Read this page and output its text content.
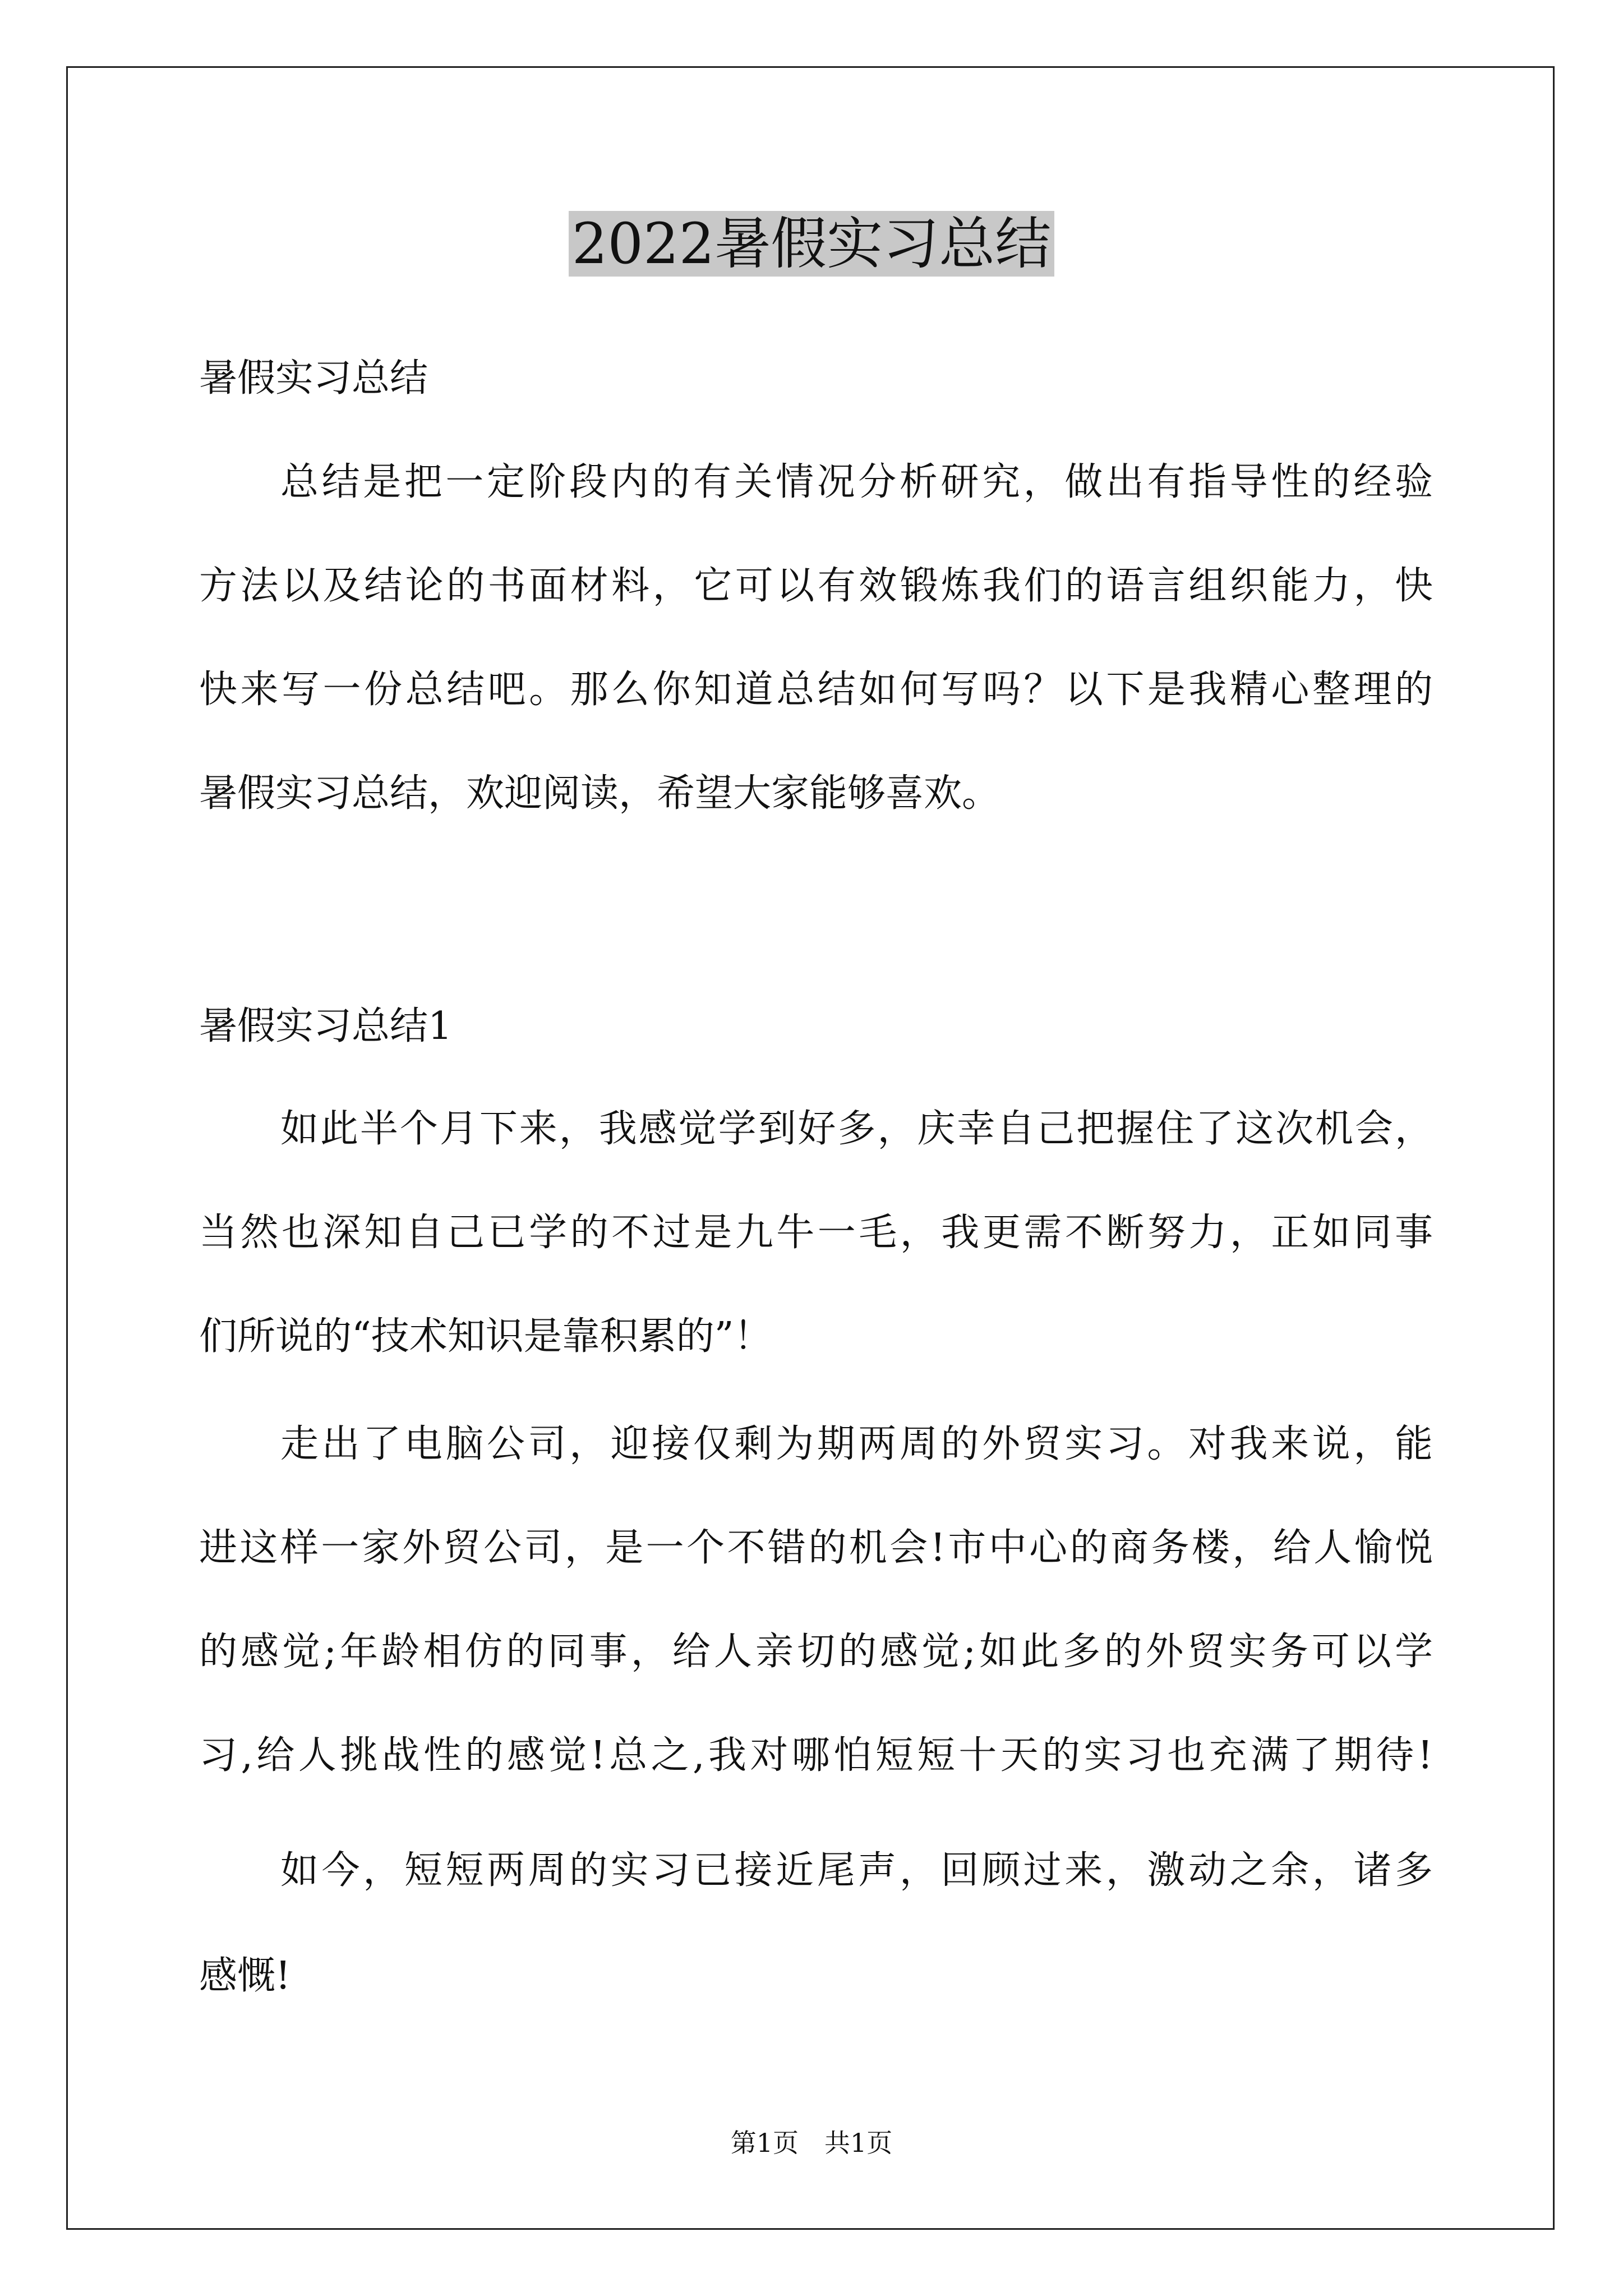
2022暑假实习总结
暑假实习总结
总结是把一定阶段内的有关情况分析研究，做出有指导性的经验
方法以及结论的书面材料，它可以有效锻炼我们的语言组织能力，快
快来写一份总结吧。那么你知道总结如何写吗？以下是我精心整理的
暑假实习总结，欢迎阅读，希望大家能够喜欢。
暑假实习总结1
如此半个月下来，我感觉学到好多，庆幸自己把握住了这次机会，
当然也深知自己已学的不过是九牛一毛，我更需不断努力，正如同事
们所说的“技术知识是靠积累的”！
走出了电脑公司，迎接仅剩为期两周的外贸实习。对我来说，能
进这样一家外贸公司，是一个不错的机会!市中心的商务楼，给人愉悦
的感觉;年龄相仿的同事，给人亲切的感觉;如此多的外贸实务可以学
习,给人挑战性的感觉!总之,我对哪怕短短十天的实习也充满了期待!
如今，短短两周的实习已接近尾声，回顾过来，激动之余，诸多
感慨!
第1页　共1页
